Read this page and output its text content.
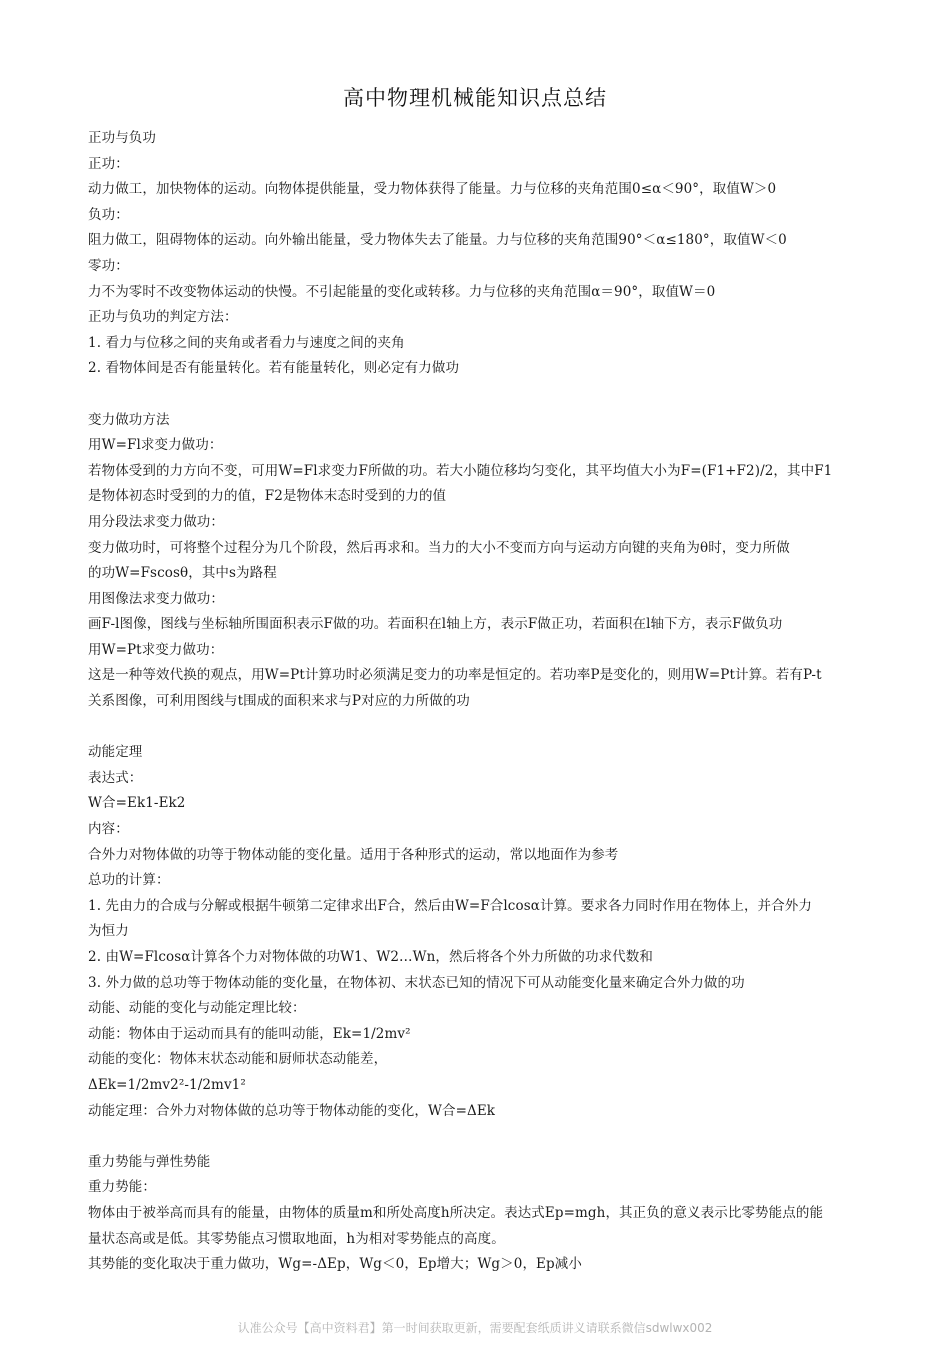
高中物理机械能知识点总结
正功与负功
正功：
动力做工，加快物体的运动。向物体提供能量，受力物体获得了能量。力与位移的夹角范围0≤α＜90°，取值W＞0
负功：
阻力做工，阻碍物体的运动。向外输出能量，受力物体失去了能量。力与位移的夹角范围90°＜α≤180°，取值W＜0
零功：
力不为零时不改变物体运动的快慢。不引起能量的变化或转移。力与位移的夹角范围α＝90°，取值W＝0
正功与负功的判定方法：
1. 看力与位移之间的夹角或者看力与速度之间的夹角
2. 看物体间是否有能量转化。若有能量转化，则必定有力做功
变力做功方法
用W=Fl求变力做功：
若物体受到的力方向不变，可用W=Fl求变力F所做的功。若大小随位移均匀变化，其平均值大小为F=(F1+F2)/2，其中F1
是物体初态时受到的力的值，F2是物体末态时受到的力的值
用分段法求变力做功：
变力做功时，可将整个过程分为几个阶段，然后再求和。当力的大小不变而方向与运动方向键的夹角为θ时，变力所做
的功W=Fscosθ，其中s为路程
用图像法求变力做功：
画F-l图像，图线与坐标轴所围面积表示F做的功。若面积在l轴上方，表示F做正功，若面积在l轴下方，表示F做负功
用W=Pt求变力做功：
这是一种等效代换的观点，用W=Pt计算功时必须满足变力的功率是恒定的。若功率P是变化的，则用W=Pt计算。若有P-t
关系图像，可利用图线与t围成的面积来求与P对应的力所做的功
动能定理
表达式：
W合=Ek1-Ek2
内容：
合外力对物体做的功等于物体动能的变化量。适用于各种形式的运动，常以地面作为参考
总功的计算：
1. 先由力的合成与分解或根据牛顿第二定律求出F合，然后由W=F合lcosα计算。要求各力同时作用在物体上，并合外力
为恒力
2. 由W=Flcosα计算各个力对物体做的功W1、W2…Wn，然后将各个外力所做的功求代数和
3. 外力做的总功等于物体动能的变化量，在物体初、末状态已知的情况下可从动能变化量来确定合外力做的功
动能、动能的变化与动能定理比较：
动能：物体由于运动而具有的能叫动能，Ek=1/2mv²
动能的变化：物体末状态动能和厨师状态动能差，
ΔEk=1/2mv2²-1/2mv1²
动能定理：合外力对物体做的总功等于物体动能的变化，W合=ΔEk
重力势能与弹性势能
重力势能：
物体由于被举高而具有的能量，由物体的质量m和所处高度h所决定。表达式Ep=mgh，其正负的意义表示比零势能点的能
量状态高或是低。其零势能点习惯取地面，h为相对零势能点的高度。
其势能的变化取决于重力做功，Wg=-ΔEp，Wg＜0，Ep增大；Wg＞0，Ep减小
认准公众号【高中资料君】第一时间获取更新，需要配套纸质讲义请联系微信sdwlwx002
